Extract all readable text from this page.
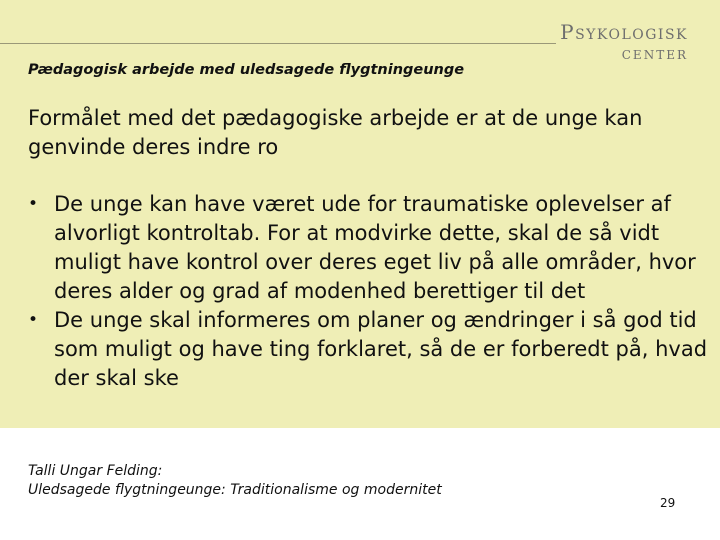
Psykologisk
center
Pædagogisk arbejde med uledsagede flygtningeunge
Formålet med det pædagogiske arbejde er at de unge kan genvinde deres indre ro
• De unge kan have været ude for traumatiske oplevelser af alvorligt kontroltab. For at modvirke dette, skal de så vidt muligt have kontrol over deres eget liv på alle områder, hvor deres alder og grad af modenhed berettiger til det
• De unge skal informeres om planer og ændringer i så god tid som muligt og have ting forklaret, så de er forberedt på, hvad der skal ske
Talli Ungar Felding:
Uledsagede flygtningeunge: Traditionalisme og modernitet
29
